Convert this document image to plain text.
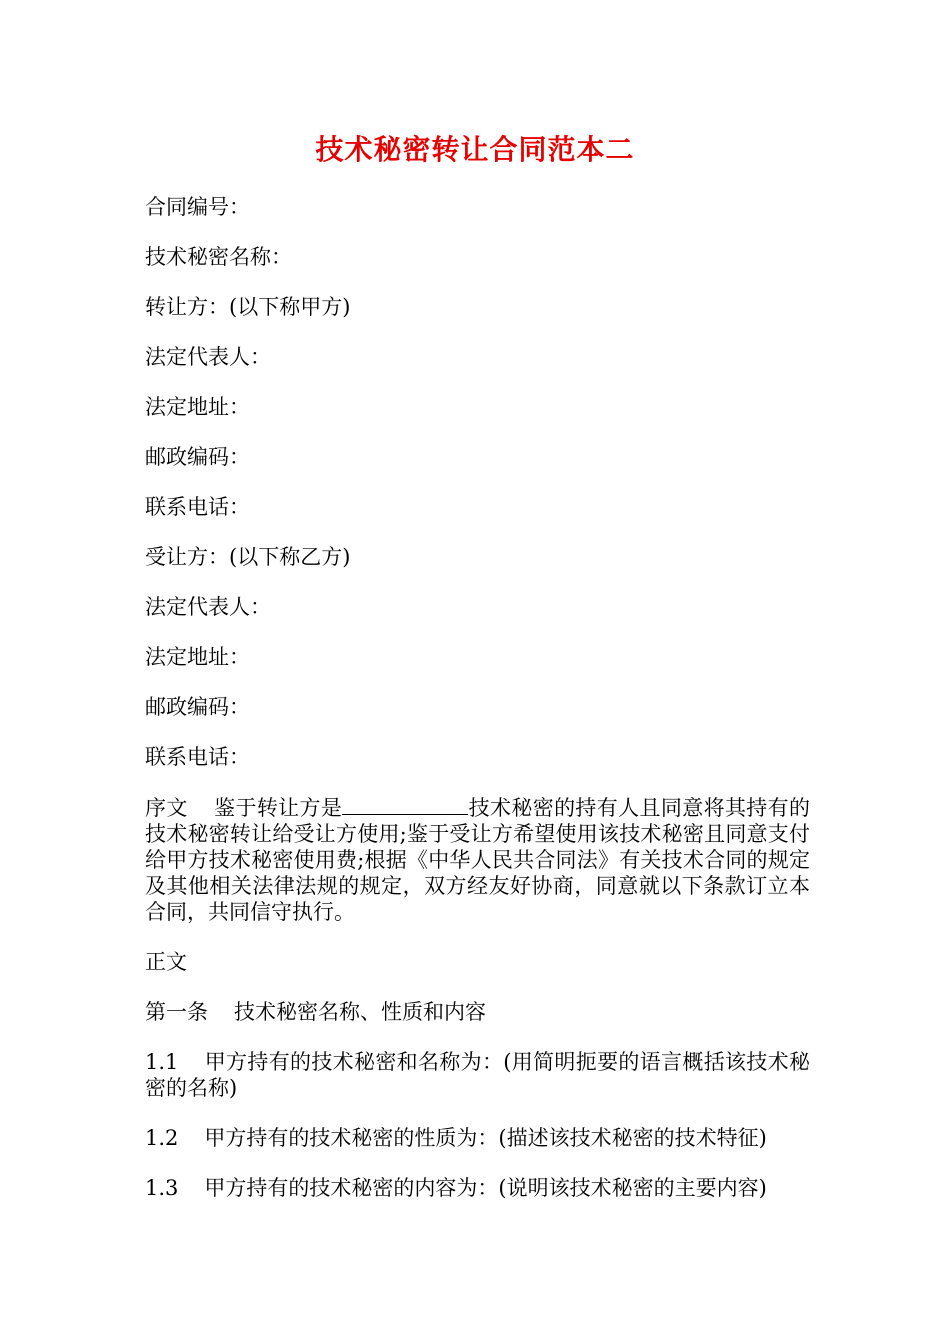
技术秘密转让合同范本二
合同编号：
技术秘密名称：
转让方：(以下称甲方)
法定代表人：
法定地址：
邮政编码：
联系电话：
受让方：(以下称乙方)
法定代表人：
法定地址：
邮政编码：
联系电话：
序文 鉴于转让方是	技术秘密的持有人且同意将其持有的技术秘密转让给受让方使用;鉴于受让方希望使用该技术秘密且同意支付给甲方技术秘密使用费;根据《中华人民共合同法》有关技术合同的规定及其他相关法律法规的规定，双方经友好协商，同意就以下条款订立本合同，共同信守执行。
正文
第一条 技术秘密名称、性质和内容
1.1 甲方持有的技术秘密和名称为：(用简明扼要的语言概括该技术秘密的名称)
1.2 甲方持有的技术秘密的性质为：(描述该技术秘密的技术特征)
1.3 甲方持有的技术秘密的内容为：(说明该技术秘密的主要内容)
